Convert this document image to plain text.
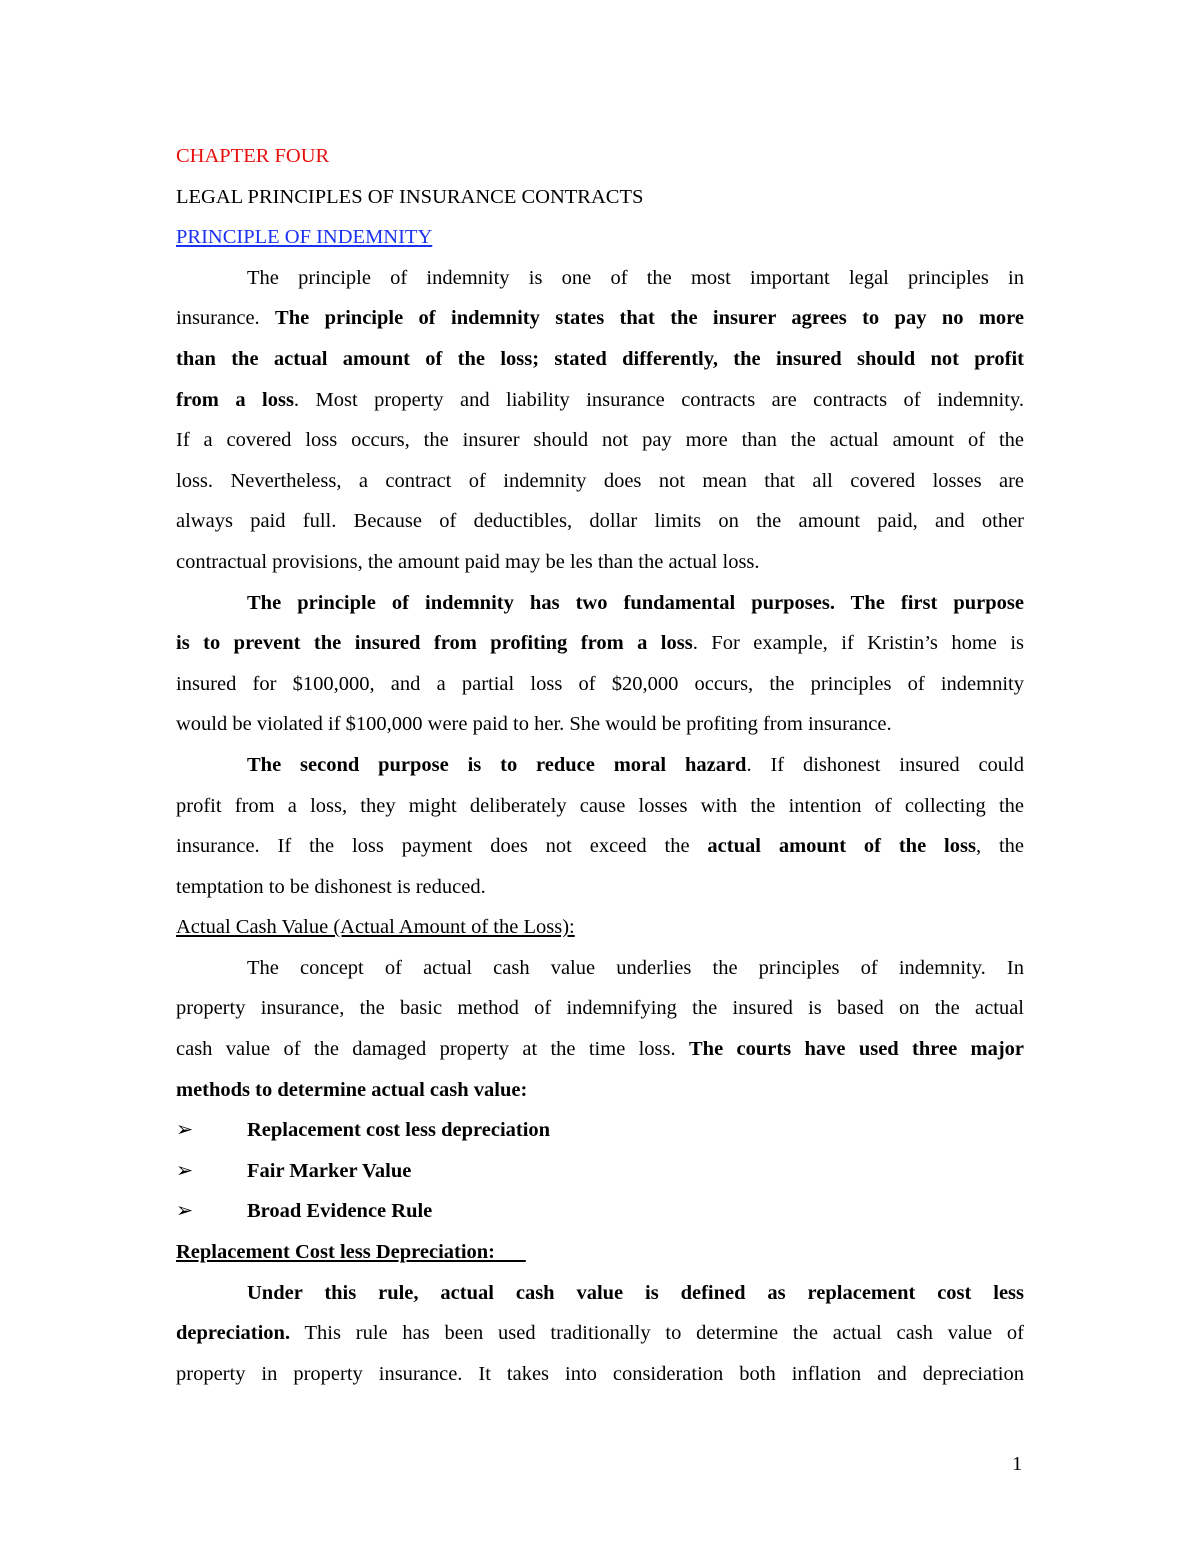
CHAPTER FOUR
LEGAL PRINCIPLES OF INSURANCE CONTRACTS
PRINCIPLE OF INDEMNITY
The principle of indemnity is one of the most important legal principles in
insurance. The principle of indemnity states that the insurer agrees to pay no more
than the actual amount of the loss; stated differently, the insured should not profit
from a loss. Most property and liability insurance contracts are contracts of indemnity.
If a covered loss occurs, the insurer should not pay more than the actual amount of the
loss. Nevertheless, a contract of indemnity does not mean that all covered losses are
always paid full. Because of deductibles, dollar limits on the amount paid, and other
contractual provisions, the amount paid may be les than the actual loss.
The principle of indemnity has two fundamental purposes. The first purpose
is to prevent the insured from profiting from a loss. For example, if Kristin’s home is
insured for $100,000, and a partial loss of $20,000 occurs, the principles of indemnity
would be violated if $100,000 were paid to her. She would be profiting from insurance.
The second purpose is to reduce moral hazard. If dishonest insured could
profit from a loss, they might deliberately cause losses with the intention of collecting the
insurance. If the loss payment does not exceed the actual amount of the loss, the
temptation to be dishonest is reduced.
Actual Cash Value (Actual Amount of the Loss):
The concept of actual cash value underlies the principles of indemnity. In
property insurance, the basic method of indemnifying the insured is based on the actual
cash value of the damaged property at the time loss. The courts have used three major
methods to determine actual cash value:
➢	Replacement cost less depreciation
➢	Fair Marker Value
➢	Broad Evidence Rule
Replacement Cost less Depreciation:
Under this rule, actual cash value is defined as replacement cost less
depreciation. This rule has been used traditionally to determine the actual cash value of
property in property insurance. It takes into consideration both inflation and depreciation
1
